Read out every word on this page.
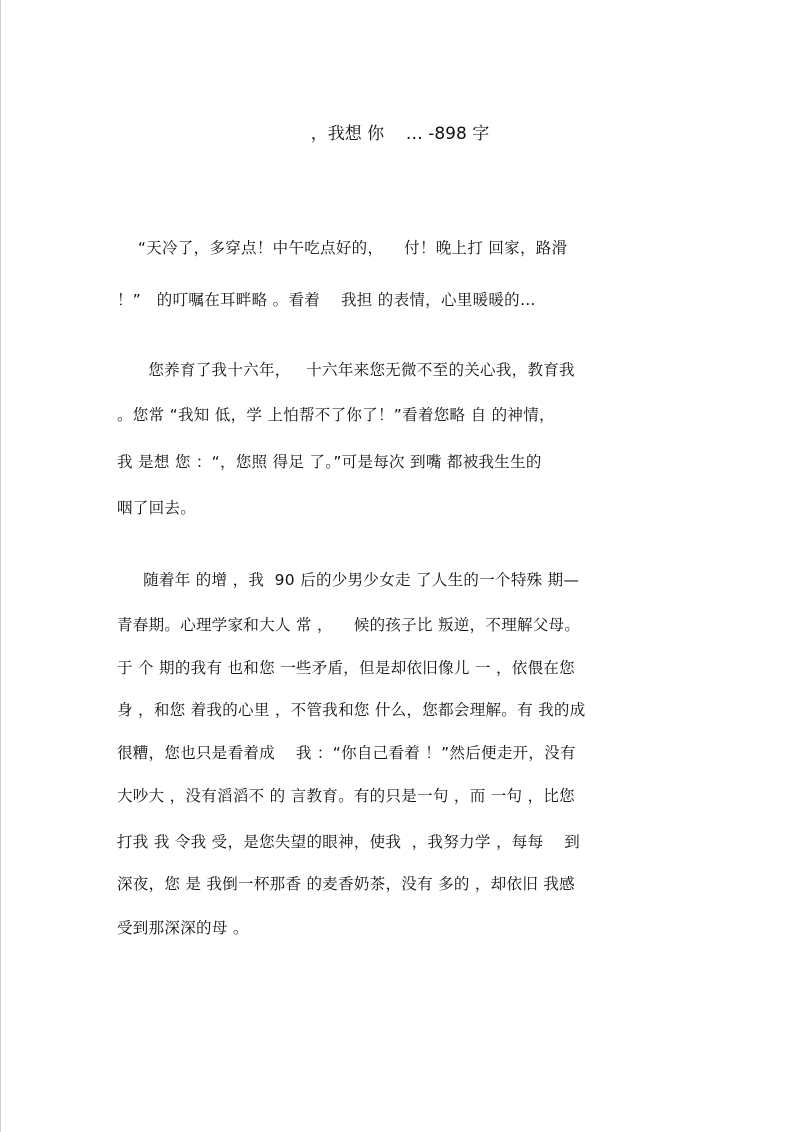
，我想 你    … -898 字
“天冷了，多穿点！中午吃点好的，    付！晚上打 回家，路滑
！”   的叮嘱在耳畔略 。看着    我担 的表情，心里暖暖的…
您养育了我十六年，   十六年来您无微不至的关心我，教育我
。您常 “我知 低，学 上怕帮不了你了！”看着您略 自 的神情，
我 是想 您 ：“，您照 得足 了。”可是每次 到嘴 都被我生生的
咽了回去。
随着年 的增 ，我  90 后的少男少女走 了人生的一个特殊 期—
青春期。心理学家和大人 常 ，    候的孩子比 叛逆，不理解父母。
于 个 期的我有 也和您 一些矛盾，但是却依旧像儿 一 ，依偎在您
身 ，和您 着我的心里 ，不管我和您 什么，您都会理解。有 我的成
很糟，您也只是看着成    我 ：“你自己看着 ！”然后便走开，没有
大吵大 ，没有滔滔不 的 言教育。有的只是一句 ，而 一句 ，比您
打我 我 令我 受，是您失望的眼神，使我  ，我努力学 ，每每    到
深夜，您 是 我倒一杯那香 的麦香奶茶，没有 多的 ，却依旧 我感
受到那深深的母 。
